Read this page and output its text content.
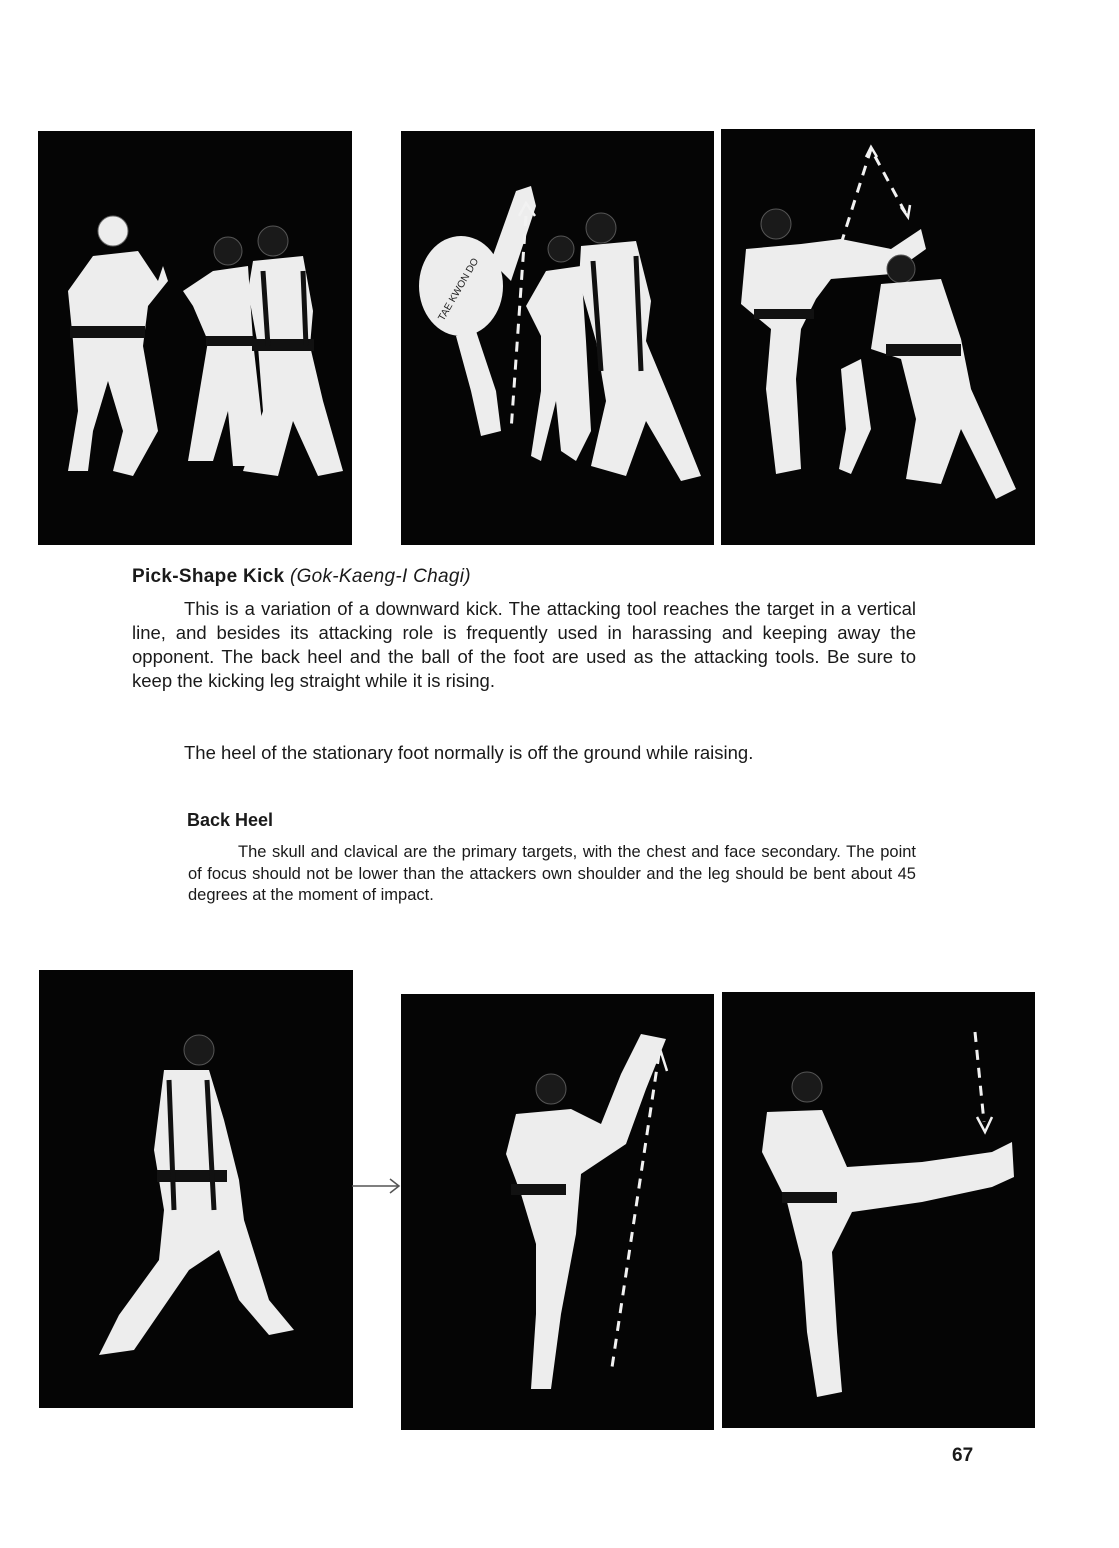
TAE KWON DO
Pick-Shape Kick (Gok-Kaeng-I Chagi)
This is a variation of a downward kick. The attacking tool reaches the target in a vertical line, and besides its attacking role is frequently used in harassing and keeping away the opponent. The back heel and the ball of the foot are used as the attacking tools. Be sure to keep the kicking leg straight while it is rising.
The heel of the stationary foot normally is off the ground while raising.
Back Heel
The skull and clavical are the primary targets, with the chest and face secondary. The point of focus should not be lower than the attackers own shoulder and the leg should be bent about 45 degrees at the moment of impact.
67
